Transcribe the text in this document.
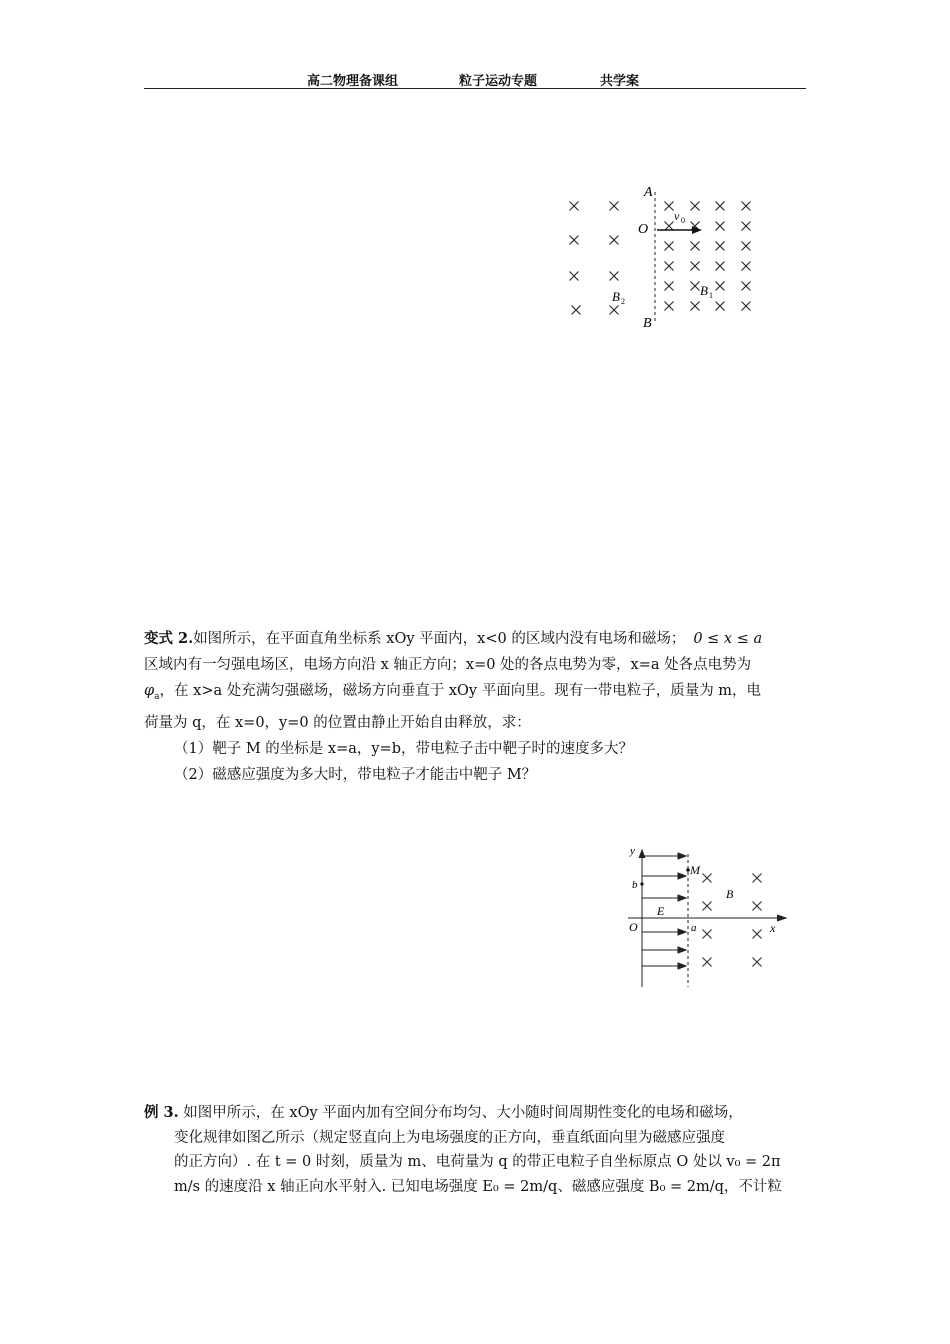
高二物理备课组	粒子运动专题	共学案
A
O
v 0
B 2
B 1
B
变式 2.如图所示，在平面直角坐标系 xOy 平面内，x<0 的区域内没有电场和磁场； 0 ≤ x ≤ a
区域内有一匀强电场区，电场方向沿 x 轴正方向；x=0 处的各点电势为零，x=a 处各点电势为
$\varphi_a$，在 x>a 处充满匀强磁场，磁场方向垂直于 xOy 平面向里。现有一带电粒子，质量为 m，电
荷量为 q，在 x=0，y=0 的位置由静止开始自由释放，求：
（1）靶子 M 的坐标是 x=a，y=b，带电粒子击中靶子时的速度多大？
（2）磁感应强度为多大时，带电粒子才能击中靶子 M？
y
x
M
b
B
E
O	a
例 3. 如图甲所示，在 xOy 平面内加有空间分布均匀、大小随时间周期性变化的电场和磁场，
变化规律如图乙所示（规定竖直向上为电场强度的正方向，垂直纸面向里为磁感应强度
的正方向）. 在 t = 0 时刻，质量为 m、电荷量为 q 的带正电粒子自坐标原点 O 处以 v₀ = 2π
m/s 的速度沿 x 轴正向水平射入. 已知电场强度 E₀ = 2m/q、磁感应强度 B₀ = 2m/q，不计粒
